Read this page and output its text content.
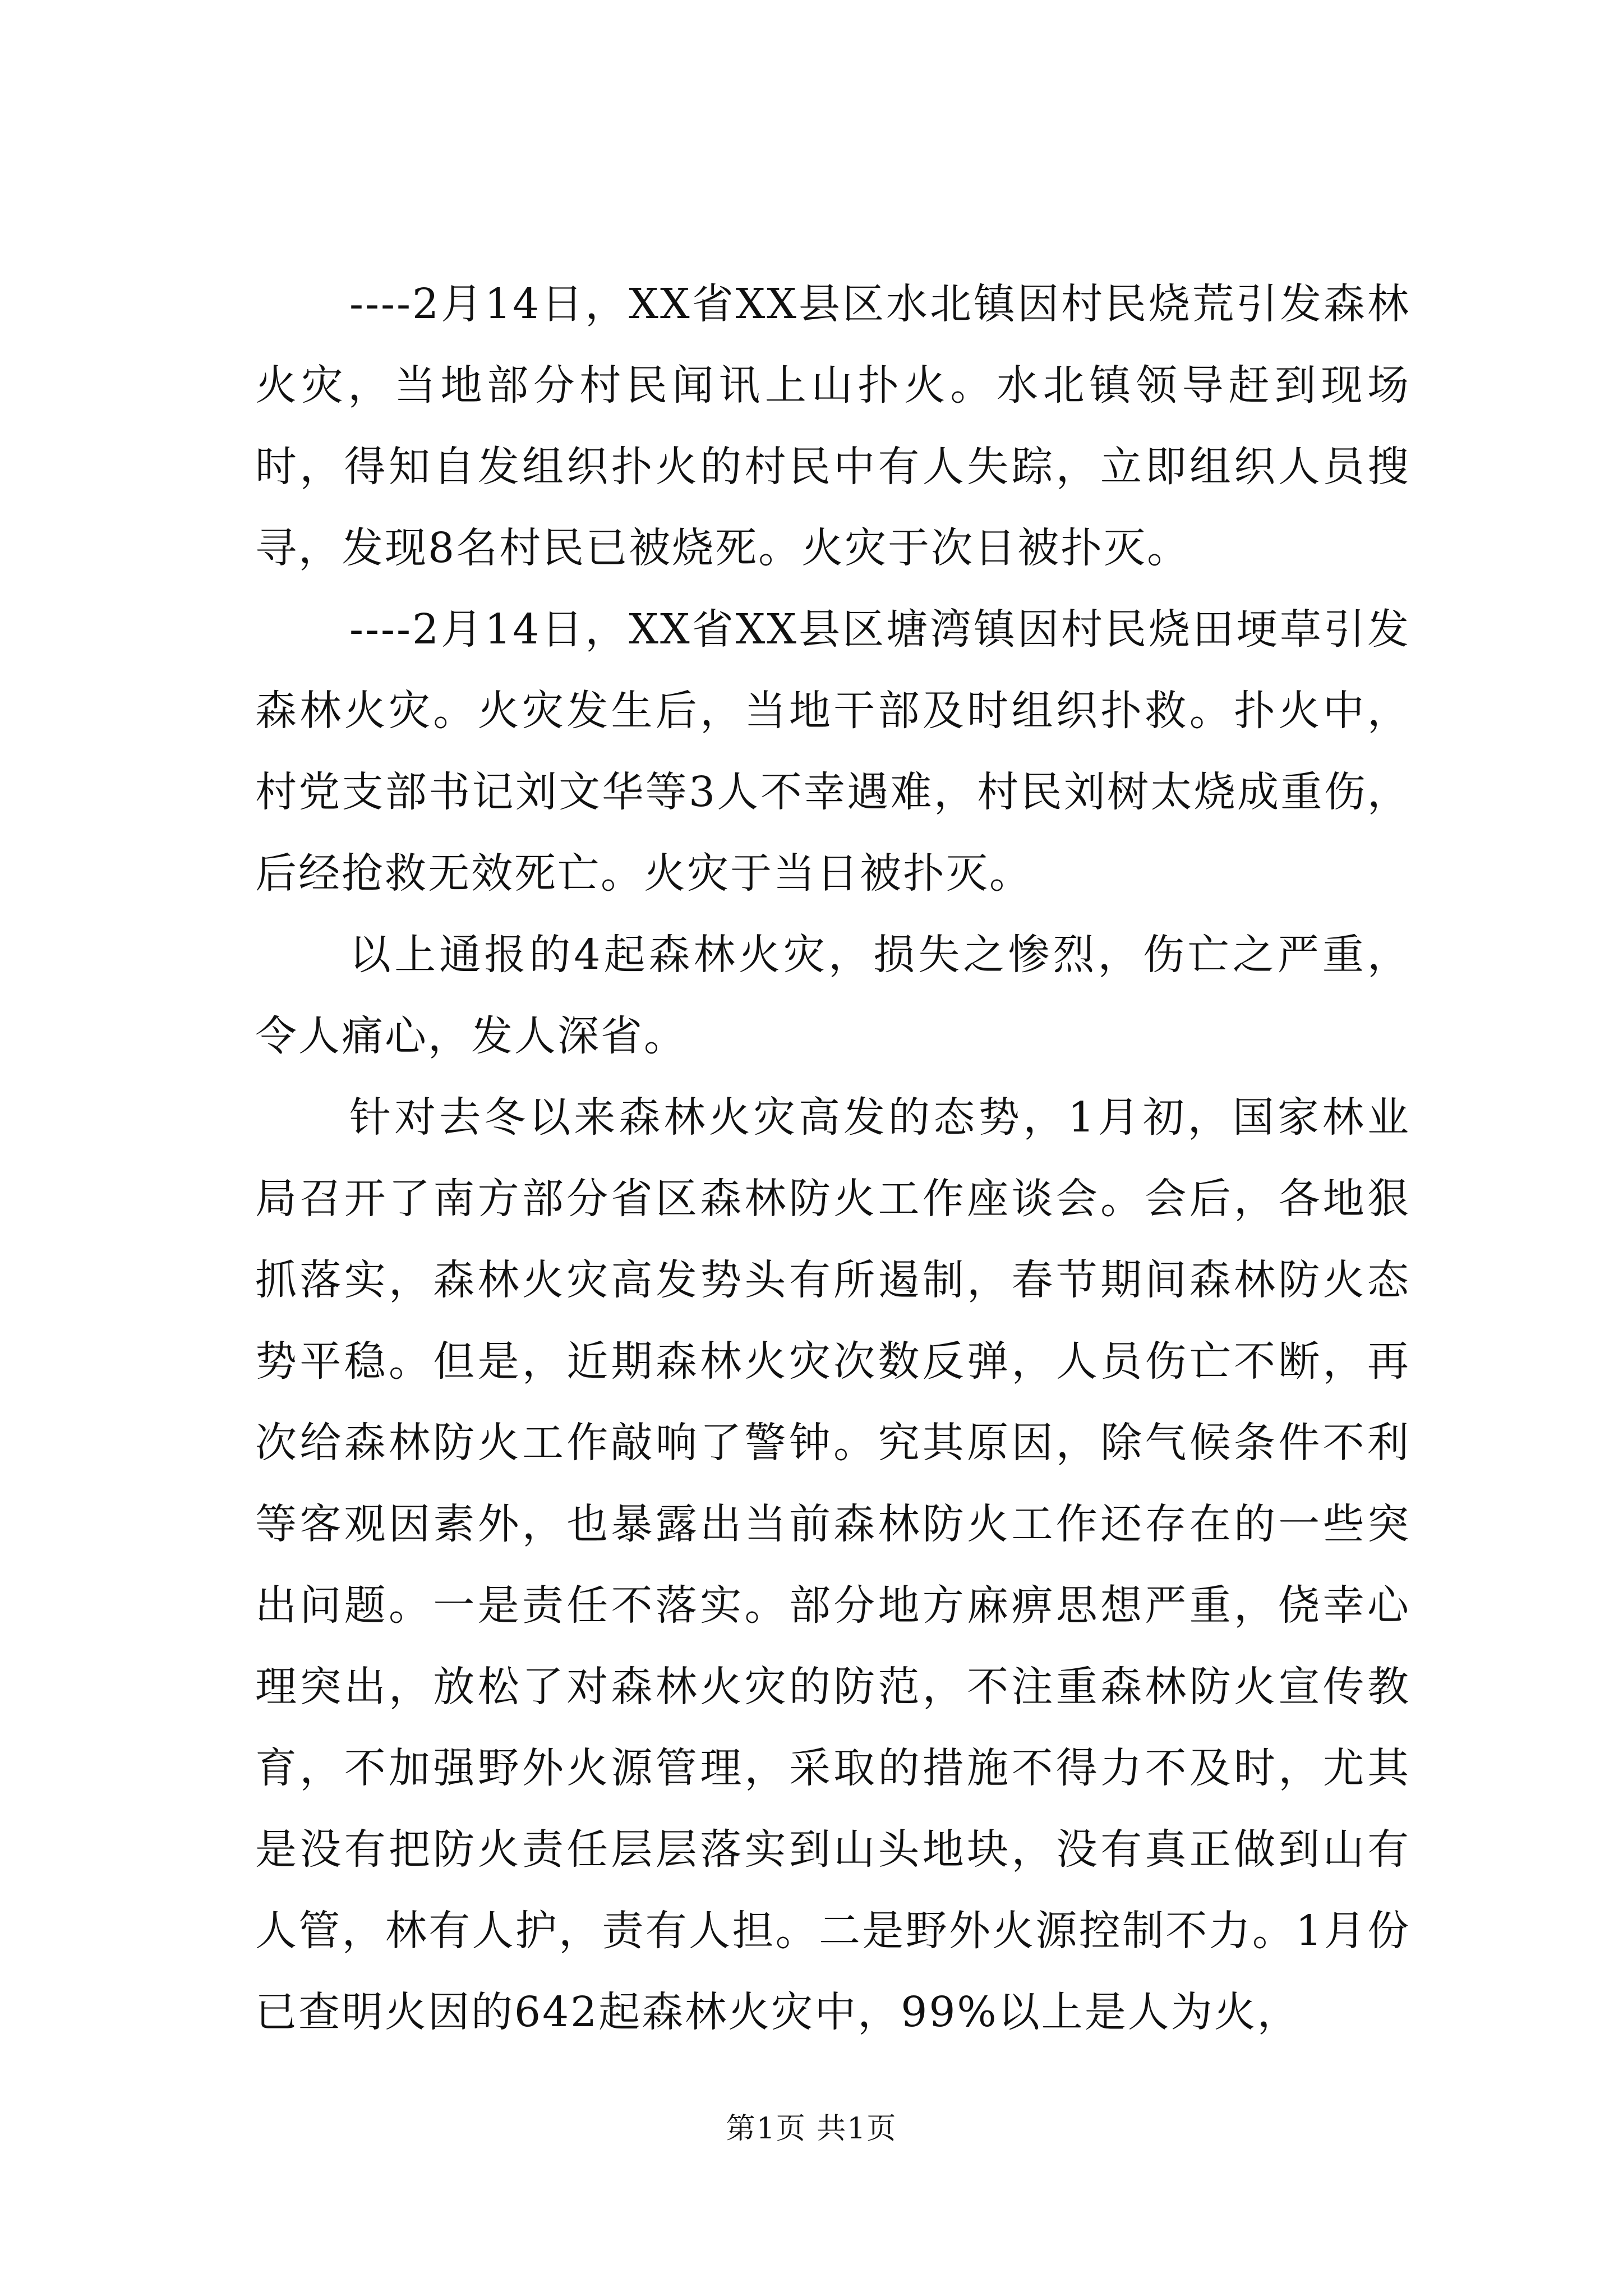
----2月14日，XX省XX县区水北镇因村民烧荒引发森林火灾，当地部分村民闻讯上山扑火。水北镇领导赶到现场时，得知自发组织扑火的村民中有人失踪，立即组织人员搜寻，发现8名村民已被烧死。火灾于次日被扑灭。

----2月14日，XX省XX县区塘湾镇因村民烧田埂草引发森林火灾。火灾发生后，当地干部及时组织扑救。扑火中，村党支部书记刘文华等3人不幸遇难，村民刘树太烧成重伤，后经抢救无效死亡。火灾于当日被扑灭。

以上通报的4起森林火灾，损失之惨烈，伤亡之严重，令人痛心，发人深省。

针对去冬以来森林火灾高发的态势，1月初，国家林业局召开了南方部分省区森林防火工作座谈会。会后，各地狠抓落实，森林火灾高发势头有所遏制，春节期间森林防火态势平稳。但是，近期森林火灾次数反弹，人员伤亡不断，再次给森林防火工作敲响了警钟。究其原因，除气候条件不利等客观因素外，也暴露出当前森林防火工作还存在的一些突出问题。一是责任不落实。部分地方麻痹思想严重，侥幸心理突出，放松了对森林火灾的防范，不注重森林防火宣传教育，不加强野外火源管理，采取的措施不得力不及时，尤其是没有把防火责任层层落实到山头地块，没有真正做到山有人管，林有人护，责有人担。二是野外火源控制不力。1月份已查明火因的642起森林火灾中，99%以上是人为火，

第1页 共1页
